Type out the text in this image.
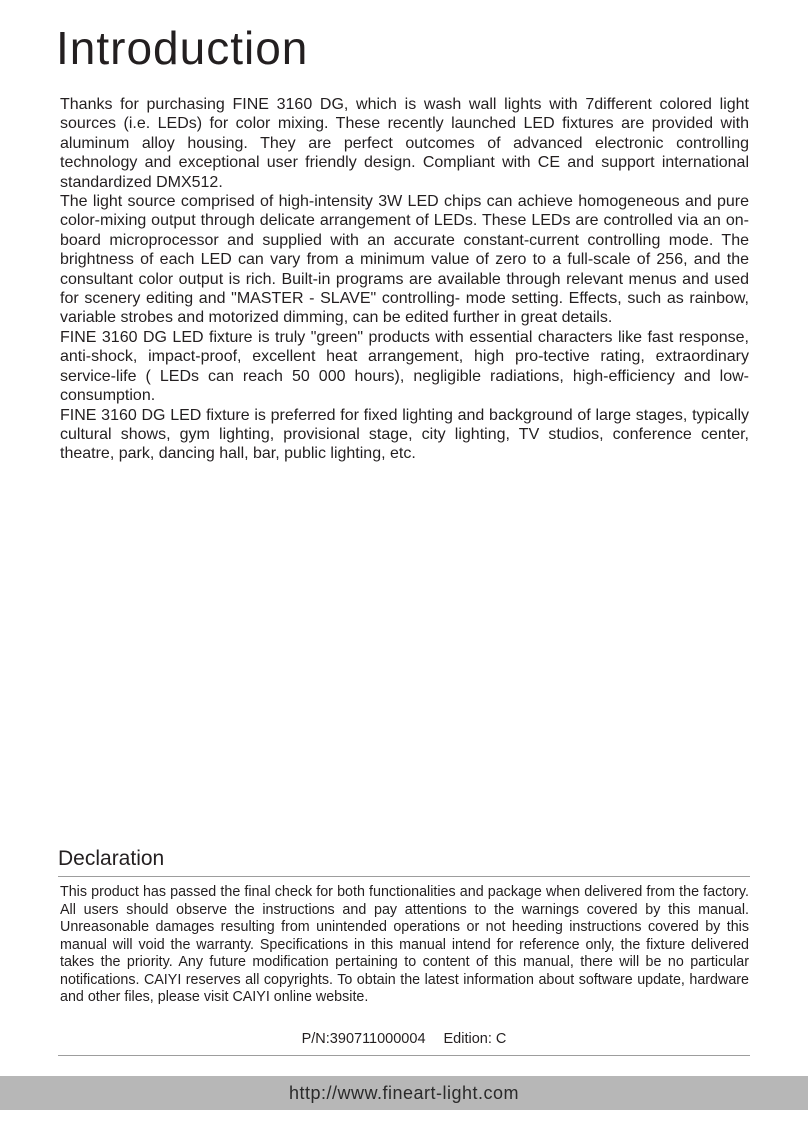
Introduction

Thanks for purchasing FINE 3160 DG, which is wash wall lights with 7different colored light sources (i.e. LEDs) for color mixing. These recently launched LED fixtures are provided with aluminum alloy housing. They are perfect outcomes of advanced electronic controlling technology and exceptional user friendly design. Compliant with CE and support international standardized DMX512.

The light source comprised of high-intensity 3W LED chips can achieve homogeneous and pure color-mixing output through delicate arrangement of LEDs. These LEDs are controlled via an on-board microprocessor and supplied with an accurate constant-current controlling mode. The brightness of each LED can vary from a minimum value of zero to a full-scale of 256, and the consultant color output is rich. Built-in programs are available through relevant menus and used for scenery editing and "MASTER - SLAVE" controlling- mode setting. Effects, such as rainbow, variable strobes and motorized dimming, can be edited further in great details.

FINE 3160 DG LED fixture is truly "green" products with essential characters like fast response, anti-shock, impact-proof, excellent heat arrangement, high pro-tective rating, extraordinary service-life ( LEDs can reach 50 000 hours), negligible radiations, high-efficiency and low-consumption.

FINE 3160 DG LED fixture is preferred for fixed lighting and background of large stages, typically cultural shows, gym lighting, provisional stage, city lighting, TV studios, conference center, theatre, park, dancing hall, bar, public lighting, etc.

Declaration

This product has passed the final check for both functionalities and package when delivered from the factory. All users should observe the instructions and pay attentions to the warnings covered by this manual. Unreasonable damages resulting from unintended operations or not heeding instructions covered by this manual will void the warranty. Specifications in this manual intend for reference only, the fixture delivered takes the priority. Any future modification pertaining to content of this manual, there will be no particular notifications. CAIYI reserves all copyrights. To obtain the latest information about software update, hardware and other files, please visit CAIYI online website.

P/N:390711000004 Edition: C
http://www.fineart-light.com
